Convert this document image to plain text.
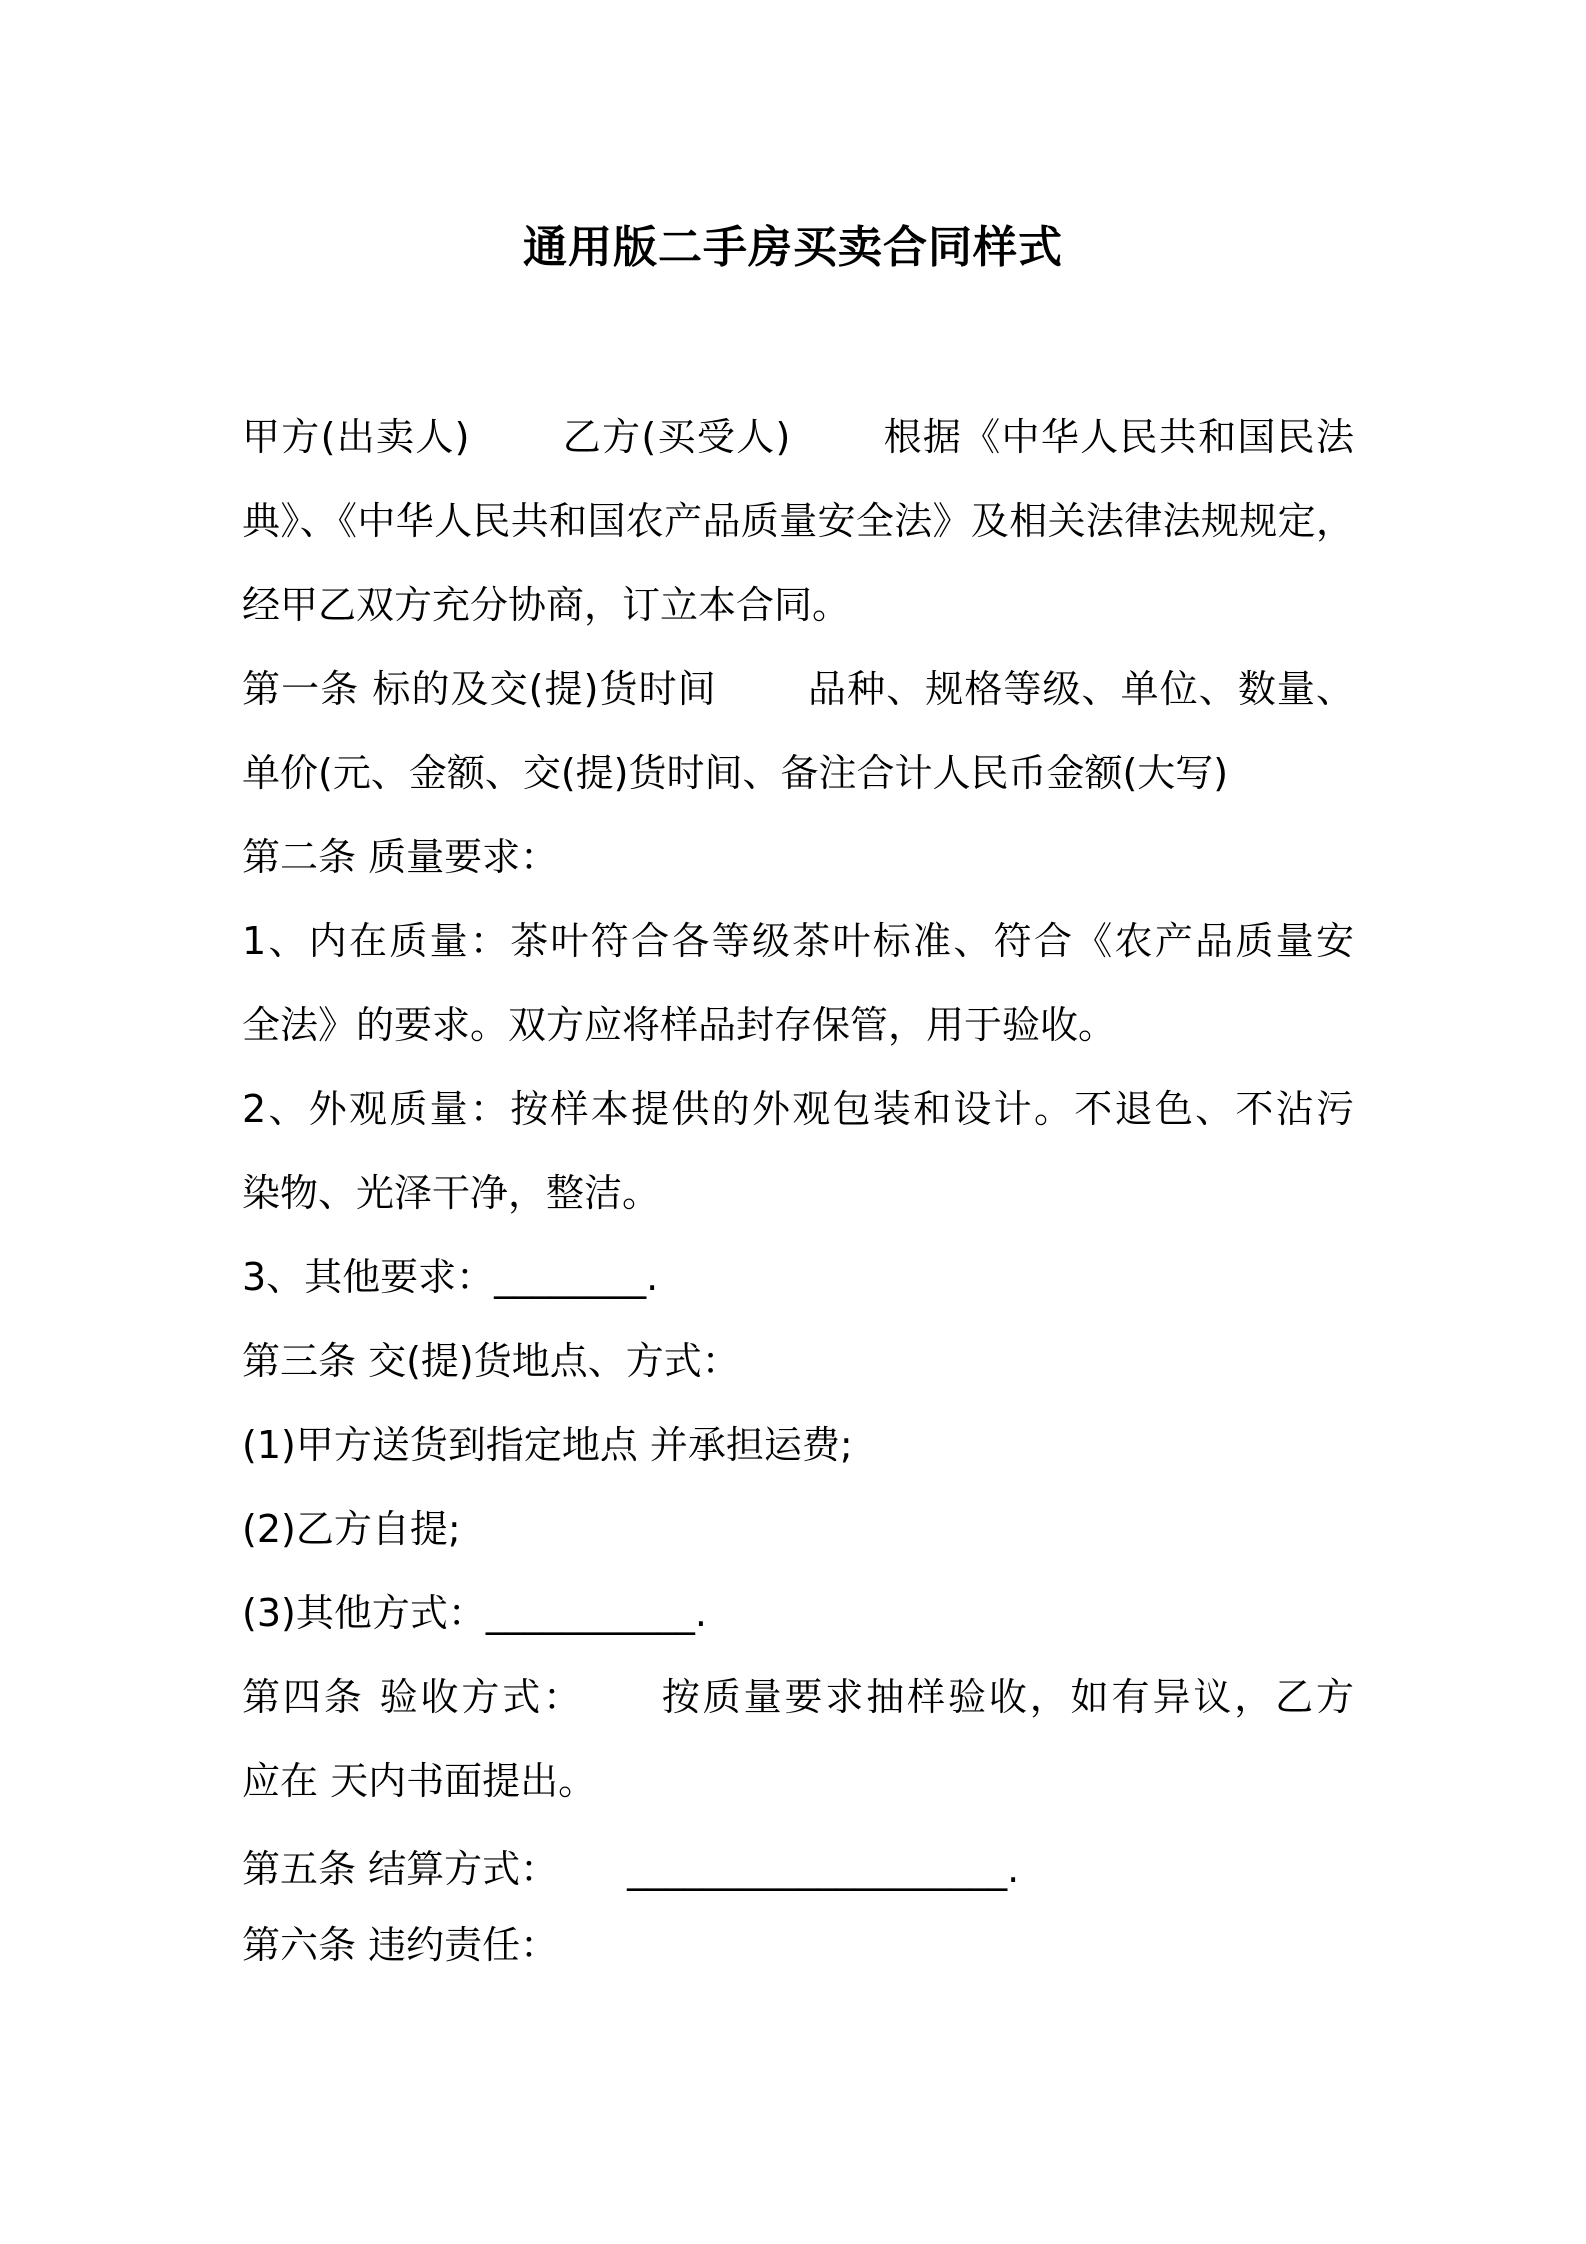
通用版二手房买卖合同样式
甲方(出卖人)　　 乙方(买受人)　　 根据《中华人民共和国民法
典》、《中华人民共和国农产品质量安全法》及相关法律法规规定，
经甲乙双方充分协商，订立本合同。
第一条 标的及交(提)货时间　　 品种、规格等级、单位、数量、
单价(元、金额、交(提)货时间、备注合计人民币金额(大写)
第二条 质量要求：
1、内在质量：茶叶符合各等级茶叶标准、符合《农产品质量安
全法》的要求。双方应将样品封存保管，用于验收。
2、外观质量：按样本提供的外观包装和设计。不退色、不沾污
染物、光泽干净，整洁。
3、其他要求：________.
第三条 交(提)货地点、方式：
(1)甲方送货到指定地点 并承担运费;
(2)乙方自提;
(3)其他方式：___________.
第四条 验收方式：　　 按质量要求抽样验收，如有异议，乙方
应在 天内书面提出。
第五条 结算方式：　　 ____________________.
第六条 违约责任：
